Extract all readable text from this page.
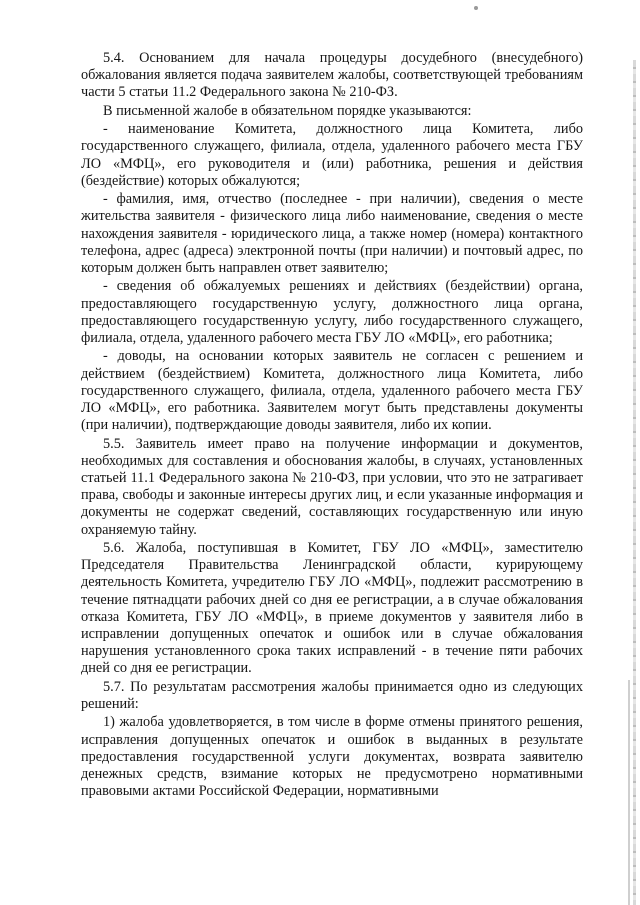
5.4. Основанием для начала процедуры досудебного (внесудебного) обжалования является подача заявителем жалобы, соответствующей требованиям части 5 статьи 11.2 Федерального закона № 210-ФЗ.

В письменной жалобе в обязательном порядке указываются:

- наименование Комитета, должностного лица Комитета, либо государственного служащего, филиала, отдела, удаленного рабочего места ГБУ ЛО «МФЦ», его руководителя и (или) работника, решения и действия (бездействие) которых обжалуются;

- фамилия, имя, отчество (последнее - при наличии), сведения о месте жительства заявителя - физического лица либо наименование, сведения о месте нахождения заявителя - юридического лица, а также номер (номера) контактного телефона, адрес (адреса) электронной почты (при наличии) и почтовый адрес, по которым должен быть направлен ответ заявителю;

- сведения об обжалуемых решениях и действиях (бездействии) органа, предоставляющего государственную услугу, должностного лица органа, предоставляющего государственную услугу, либо государственного служащего, филиала, отдела, удаленного рабочего места ГБУ ЛО «МФЦ», его работника;

- доводы, на основании которых заявитель не согласен с решением и действием (бездействием) Комитета, должностного лица Комитета, либо государственного служащего, филиала, отдела, удаленного рабочего места ГБУ ЛО «МФЦ», его работника. Заявителем могут быть представлены документы (при наличии), подтверждающие доводы заявителя, либо их копии.

5.5. Заявитель имеет право на получение информации и документов, необходимых для составления и обоснования жалобы, в случаях, установленных статьей 11.1 Федерального закона № 210-ФЗ, при условии, что это не затрагивает права, свободы и законные интересы других лиц, и если указанные информация и документы не содержат сведений, составляющих государственную или иную охраняемую тайну.

5.6. Жалоба, поступившая в Комитет, ГБУ ЛО «МФЦ», заместителю Председателя Правительства Ленинградской области, курирующему деятельность Комитета, учредителю ГБУ ЛО «МФЦ», подлежит рассмотрению в течение пятнадцати рабочих дней со дня ее регистрации, а в случае обжалования отказа Комитета, ГБУ ЛО «МФЦ», в приеме документов у заявителя либо в исправлении допущенных опечаток и ошибок или в случае обжалования нарушения установленного срока таких исправлений - в течение пяти рабочих дней со дня ее регистрации.

5.7. По результатам рассмотрения жалобы принимается одно из следующих решений:

1) жалоба удовлетворяется, в том числе в форме отмены принятого решения, исправления допущенных опечаток и ошибок в выданных в результате предоставления государственной услуги документах, возврата заявителю денежных средств, взимание которых не предусмотрено нормативными правовыми актами Российской Федерации, нормативными
